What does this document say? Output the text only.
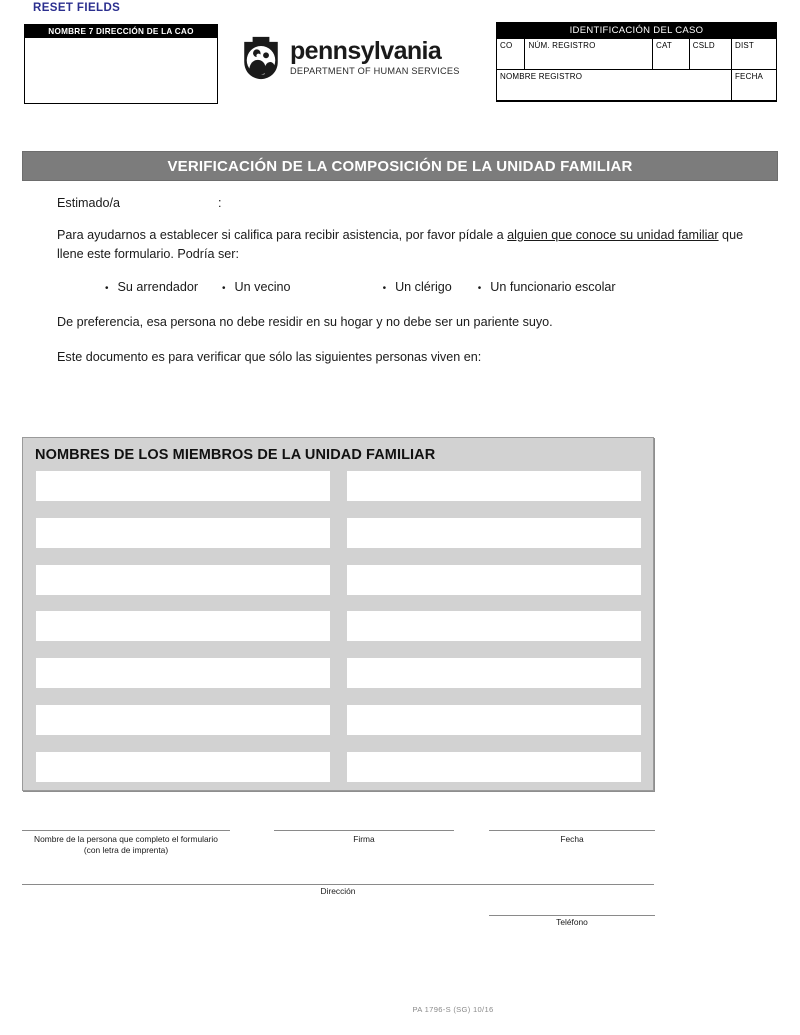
RESET FIELDS
NOMBRE 7 DIRECCIÓN DE LA CAO
pennsylvania
DEPARTMENT OF HUMAN SERVICES
IDENTIFICACIÓN DEL CASO
CO	NÚM. REGISTRO	CAT	CSLD	DIST

NOMBRE REGISTRO				FECHA
VERIFICACIÓN DE LA COMPOSICIÓN DE LA UNIDAD FAMILIAR
Estimado/a	:
Para ayudarnos a establecer si califica para recibir asistencia, por favor pídale a alguien que conoce su unidad familiar que llene este formulario. Podría ser:
• Su arrendador • Un vecino	• Un clérigo	• Un funcionario escolar
De preferencia, esa persona no debe residir en su hogar y no debe ser un pariente suyo.
Este documento es para verificar que sólo las siguientes personas viven en:
NOMBRES DE LOS MIEMBROS DE LA UNIDAD FAMILIAR
Nombre de la persona que completo el formulario
(con letra de imprenta)
Firma	Fecha
Dirección
Teléfono
PA 1796-S (SG) 10/16
